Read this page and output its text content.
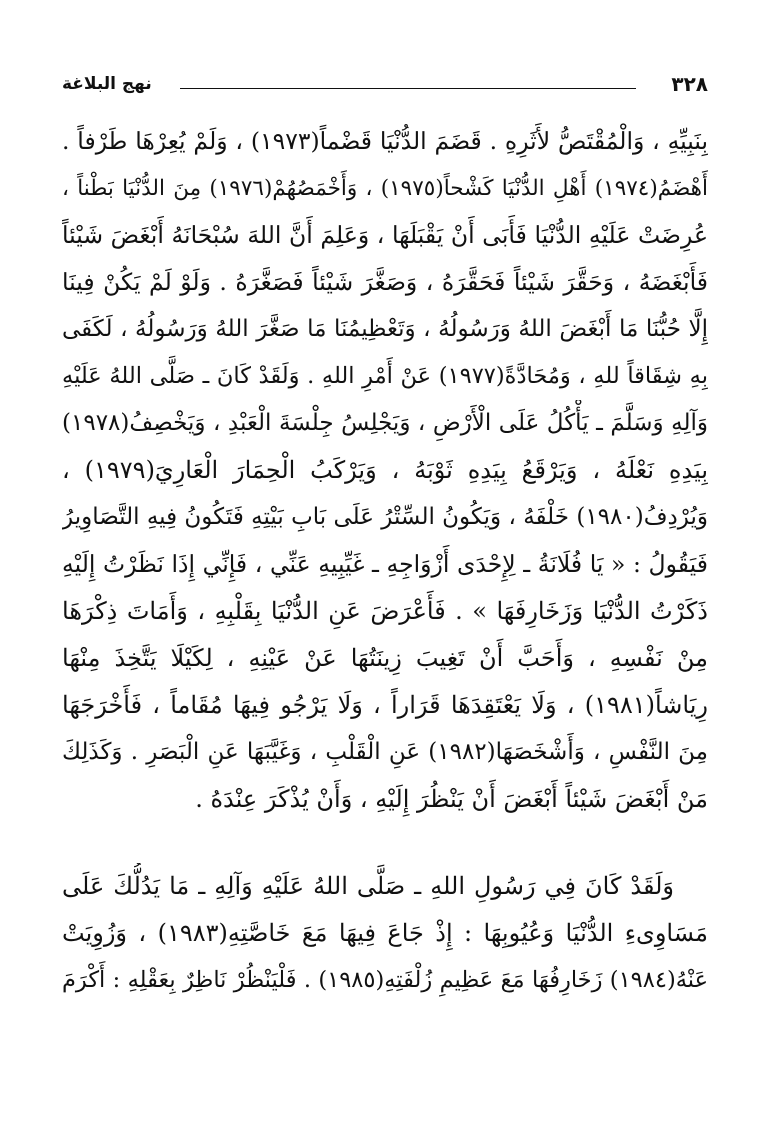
نهج البلاغة	٣٢٨
بِنَبِيِّهِ ، وَالْمُقْتَصُّ لأَثَرِهِ . قَضَمَ الدُّنْيَا قَضْماً(١٩٧٣) ، وَلَمْ يُعِرْهَا طَرْفاً .
أَهْضَمُ(١٩٧٤) أَهْلِ الدُّنْيَا كَشْحاً(١٩٧٥) ، وَأَخْمَصُهُمْ(١٩٧٦) مِنَ الدُّنْيَا بَطْناً ،
عُرِضَتْ عَلَيْهِ الدُّنْيَا فَأَبَى أَنْ يَقْبَلَهَا ، وَعَلِمَ أَنَّ اللهَ سُبْحَانَهُ أَبْغَضَ شَيْئاً
فَأَبْغَضَهُ ، وَحَقَّرَ شَيْئاً فَحَقَّرَهُ ، وَصَغَّرَ شَيْئاً فَصَغَّرَهُ . وَلَوْ لَمْ يَكُنْ فِينَا
إِلَّا حُبُّنَا مَا أَبْغَضَ اللهُ وَرَسُولُهُ ، وَتَعْظِيمُنَا مَا صَغَّرَ اللهُ وَرَسُولُهُ ، لَكَفَى
بِهِ شِقَاقاً للهِ ، وَمُحَادَّةً(١٩٧٧) عَنْ أَمْرِ اللهِ . وَلَقَدْ كَانَ ـ صَلَّى اللهُ عَلَيْهِ
وَآلِهِ وَسَلَّمَ ـ يَأْكُلُ عَلَى الْأَرْضِ ، وَيَجْلِسُ جِلْسَةَ الْعَبْدِ ، وَيَخْصِفُ(١٩٧٨)
بِيَدِهِ نَعْلَهُ ، وَيَرْقَعُ بِيَدِهِ ثَوْبَهُ ، وَيَرْكَبُ الْحِمَارَ الْعَارِيَ(١٩٧٩) ،
وَيُرْدِفُ(١٩٨٠) خَلْفَهُ ، وَيَكُونُ السِّتْرُ عَلَى بَابِ بَيْتِهِ فَتَكُونُ فِيهِ التَّصَاوِيرُ
فَيَقُولُ : « يَا فُلَانَةُ ـ لِإِحْدَى أَزْوَاجِهِ ـ غَيِّبِيهِ عَنِّي ، فَإِنِّي إِذَا نَظَرْتُ إِلَيْهِ
ذَكَرْتُ الدُّنْيَا وَزَخَارِفَهَا » . فَأَعْرَضَ عَنِ الدُّنْيَا بِقَلْبِهِ ، وَأَمَاتَ ذِكْرَهَا
مِنْ نَفْسِهِ ، وَأَحَبَّ أَنْ تَغِيبَ زِينَتُهَا عَنْ عَيْنِهِ ، لِكَيْلَا يَتَّخِذَ مِنْهَا
رِيَاشاً(١٩٨١) ، وَلَا يَعْتَقِدَهَا قَرَاراً ، وَلَا يَرْجُو فِيهَا مُقَاماً ، فَأَخْرَجَهَا
مِنَ النَّفْسِ ، وَأَشْخَصَهَا(١٩٨٢) عَنِ الْقَلْبِ ، وَغَيَّبَهَا عَنِ الْبَصَرِ . وَكَذَلِكَ
مَنْ أَبْغَضَ شَيْئاً أَبْغَضَ أَنْ يَنْظُرَ إِلَيْهِ ، وَأَنْ يُذْكَرَ عِنْدَهُ .
وَلَقَدْ كَانَ فِي رَسُولِ اللهِ ـ صَلَّى اللهُ عَلَيْهِ وَآلِهِ ـ مَا يَدُلُّكَ عَلَى
مَسَاوِىءِ الدُّنْيَا وَعُيُوبِهَا : إِذْ جَاعَ فِيهَا مَعَ خَاصَّتِهِ(١٩٨٣) ، وَزُوِيَتْ
عَنْهُ(١٩٨٤) زَخَارِفُهَا مَعَ عَظِيمِ زُلْفَتِهِ(١٩٨٥) . فَلْيَنْظُرْ نَاظِرٌ بِعَقْلِهِ : أَكْرَمَ
